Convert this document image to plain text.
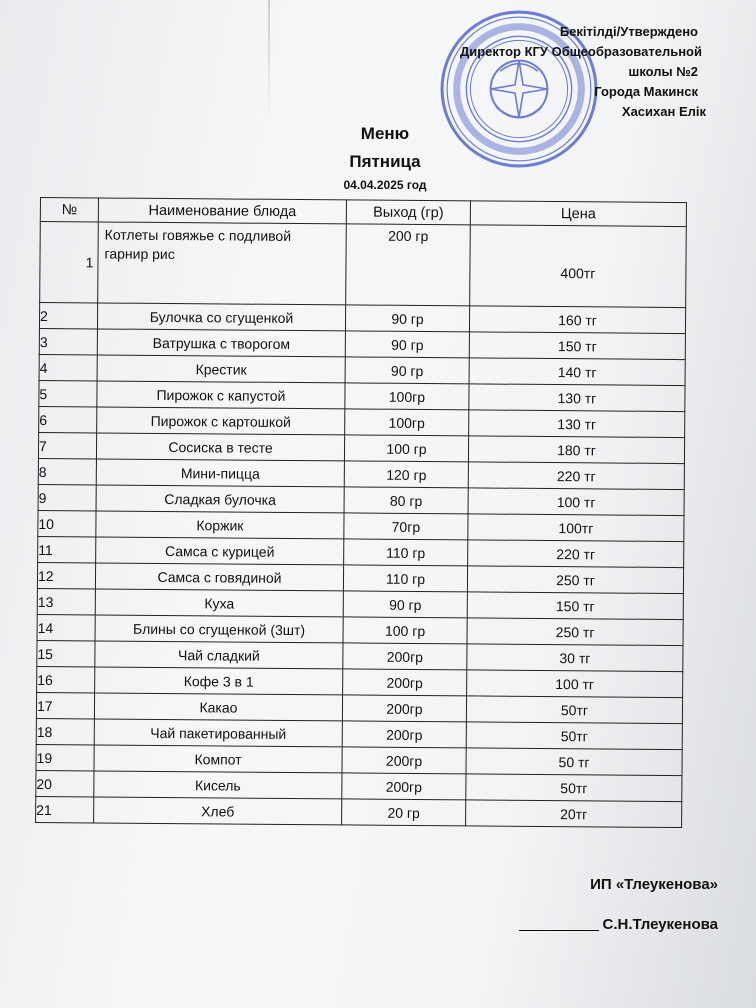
Бекітілді/Утверждено
Директор КГУ Общеобразовательной
школы №2
Города Макинск
Хасихан Елік
Меню
Пятница
04.04.2025 год
№	Наименование блюда	Выход (гр)	Цена
1	Котлеты говяжье с подливой
гарнир рис	200 гр	400тг
2	Булочка со сгущенкой	90 гр	160 тг
3	Ватрушка с творогом	90 гр	150 тг
4	Крестик	90 гр	140 тг
5	Пирожок с капустой	100гр	130 тг
6	Пирожок с картошкой	100гр	130 тг
7	Сосиска в тесте	100 гр	180 тг
8	Мини-пицца	120 гр	220 тг
9	Сладкая булочка	80 гр	100 тг
10	Коржик	70гр	100тг
11	Самса с курицей	110 гр	220 тг
12	Самса с говядиной	110 гр	250 тг
13	Куха	90 гр	150 тг
14	Блины со сгущенкой (3шт)	100 гр	250 тг
15	Чай сладкий	200гр	30 тг
16	Кофе 3 в 1	200гр	100 тг
17	Какао	200гр	50тг
18	Чай пакетированный	200гр	50тг
19	Компот	200гр	50 тг
20	Кисель	200гр	50тг
21	Хлеб	20 гр	20тг
ИП «Тлеукенова»
С.Н.Тлеукенова
